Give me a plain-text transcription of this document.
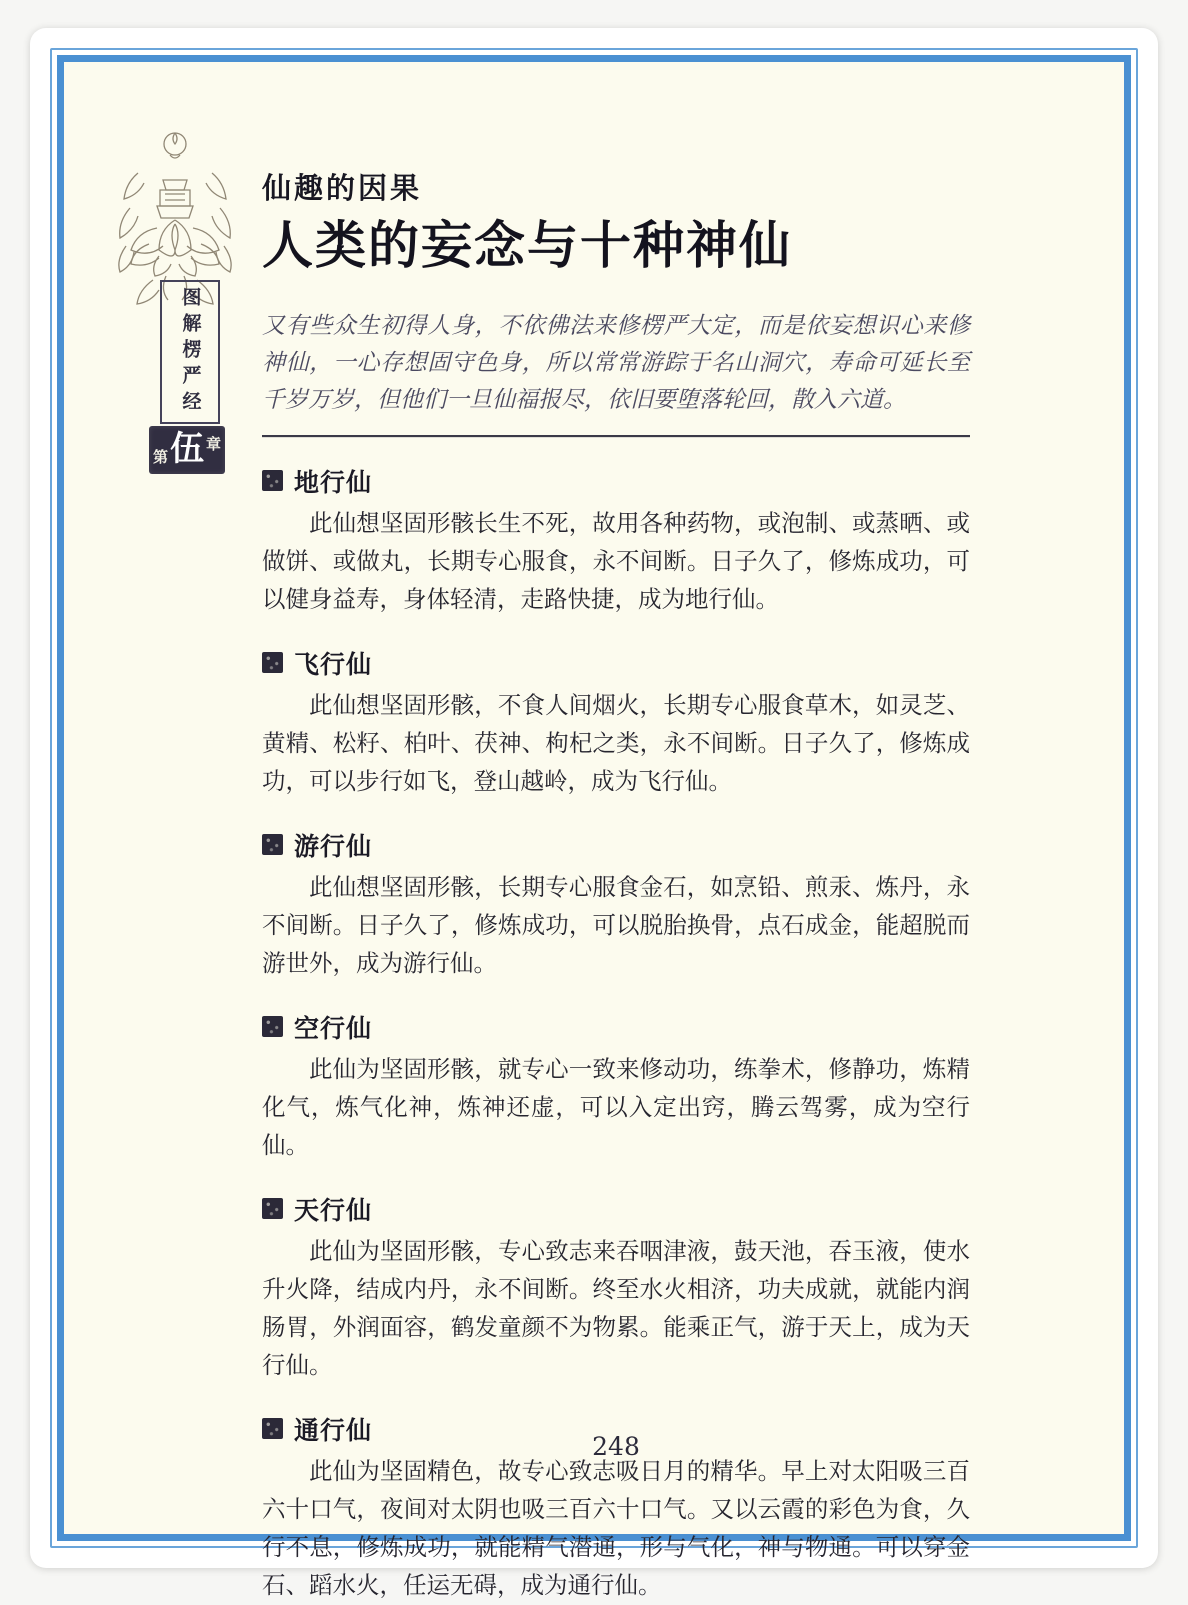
图解楞严经
第 伍 章
仙趣的因果
人类的妄念与十种神仙
又有些众生初得人身，不依佛法来修楞严大定，而是依妄想识心来修神仙，一心存想固守色身，所以常常游踪于名山洞穴，寿命可延长至千岁万岁，但他们一旦仙福报尽，依旧要堕落轮回，散入六道。
地行仙

此仙想坚固形骸长生不死，故用各种药物，或泡制、或蒸晒、或做饼、或做丸，长期专心服食，永不间断。日子久了，修炼成功，可以健身益寿，身体轻清，走路快捷，成为地行仙。

飞行仙

此仙想坚固形骸，不食人间烟火，长期专心服食草木，如灵芝、黄精、松籽、柏叶、茯神、枸杞之类，永不间断。日子久了，修炼成功，可以步行如飞，登山越岭，成为飞行仙。

游行仙

此仙想坚固形骸，长期专心服食金石，如烹铅、煎汞、炼丹，永不间断。日子久了，修炼成功，可以脱胎换骨，点石成金，能超脱而游世外，成为游行仙。

空行仙

此仙为坚固形骸，就专心一致来修动功，练拳术，修静功，炼精化气，炼气化神，炼神还虚，可以入定出窍，腾云驾雾，成为空行仙。

天行仙

此仙为坚固形骸，专心致志来吞咽津液，鼓天池，吞玉液，使水升火降，结成内丹，永不间断。终至水火相济，功夫成就，就能内润肠胃，外润面容，鹤发童颜不为物累。能乘正气，游于天上，成为天行仙。

通行仙

此仙为坚固精色，故专心致志吸日月的精华。早上对太阳吸三百六十口气，夜间对太阴也吸三百六十口气。又以云霞的彩色为食，久行不息，修炼成功，就能精气潜通，形与气化，神与物通。可以穿金石、蹈水火，任运无碍，成为通行仙。

248
